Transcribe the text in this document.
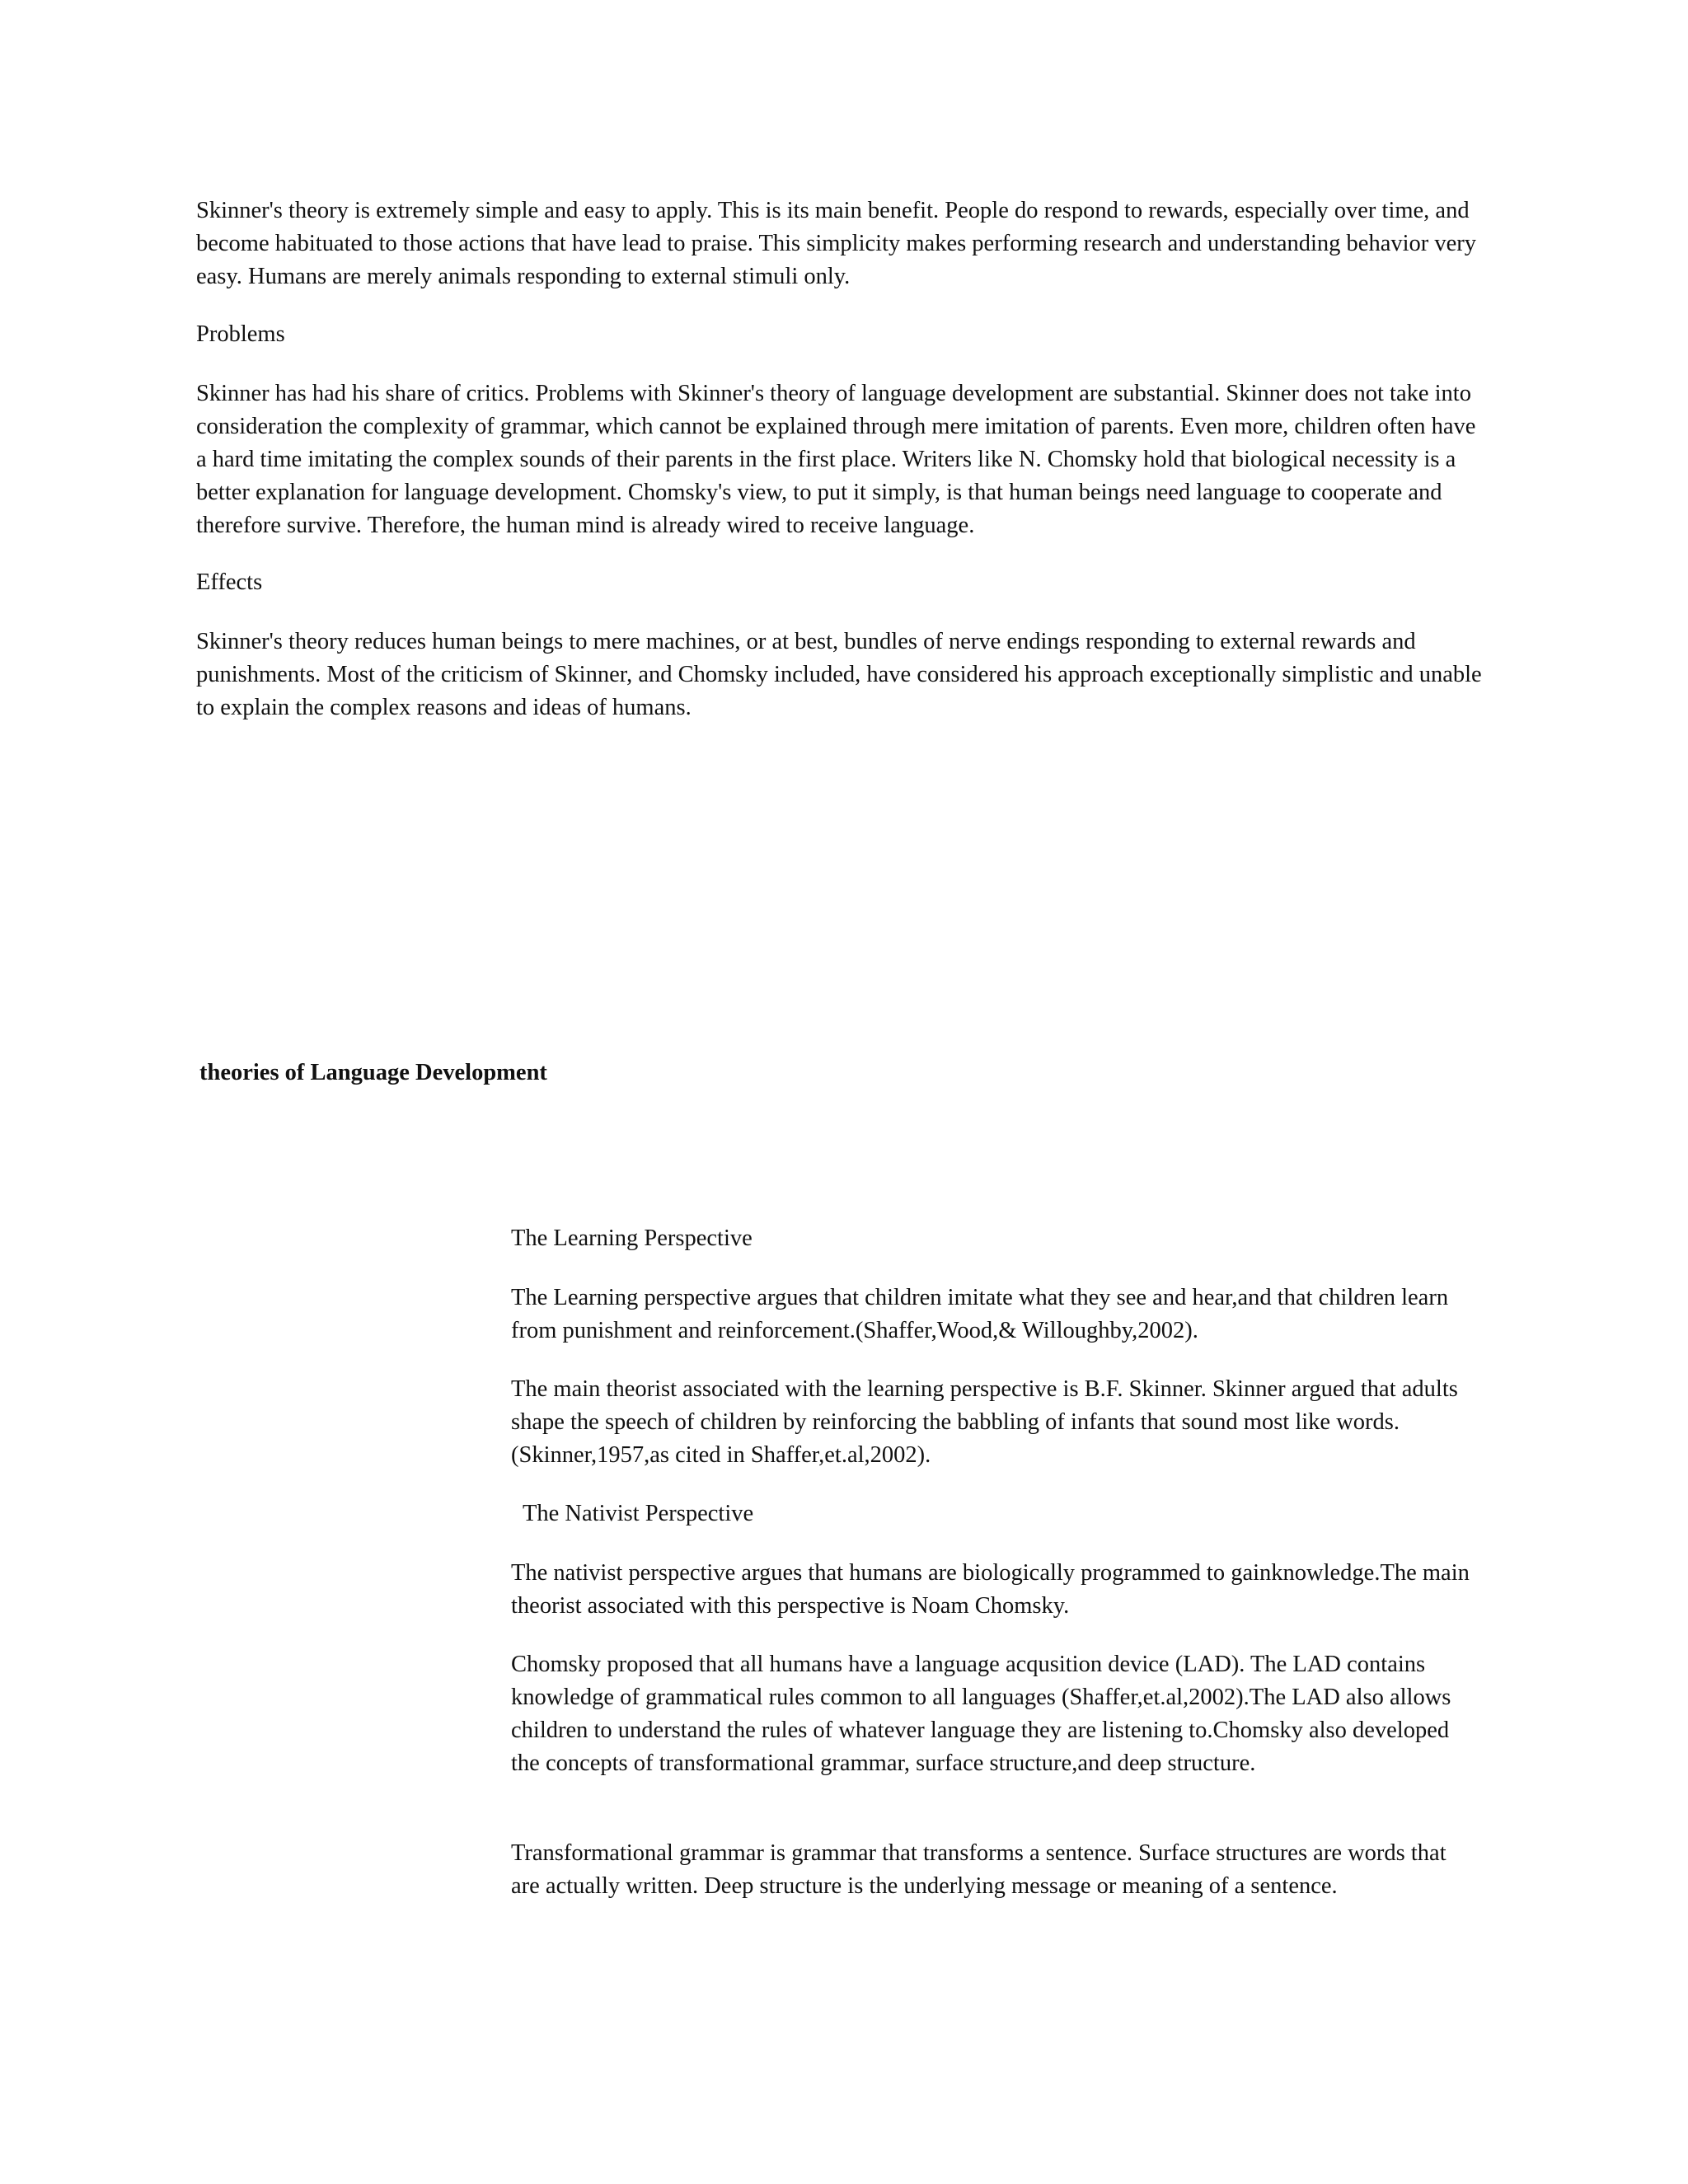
Skinner's theory is extremely simple and easy to apply. This is its main benefit. People do respond to rewards, especially over time, and become habituated to those actions that have lead to praise. This simplicity makes performing research and understanding behavior very easy. Humans are merely animals responding to external stimuli only.

Problems

Skinner has had his share of critics. Problems with Skinner's theory of language development are substantial. Skinner does not take into consideration the complexity of grammar, which cannot be explained through mere imitation of parents. Even more, children often have a hard time imitating the complex sounds of their parents in the first place. Writers like N. Chomsky hold that biological necessity is a better explanation for language development. Chomsky's view, to put it simply, is that human beings need language to cooperate and therefore survive. Therefore, the human mind is already wired to receive language.

Effects

Skinner's theory reduces human beings to mere machines, or at best, bundles of nerve endings responding to external rewards and punishments. Most of the criticism of Skinner, and Chomsky included, have considered his approach exceptionally simplistic and unable to explain the complex reasons and ideas of humans.

theories of Language Development

The Learning Perspective

The Learning perspective argues that children imitate what they see and hear,and that children learn from punishment and reinforcement.(Shaffer,Wood,& Willoughby,2002).

The main theorist associated with the learning perspective is B.F. Skinner. Skinner argued that adults shape the speech of children by reinforcing the babbling of infants that sound most like words. (Skinner,1957,as cited in Shaffer,et.al,2002).

The Nativist Perspective

The nativist perspective argues that humans are biologically programmed to gainknowledge.The main theorist associated with this perspective is Noam Chomsky.

Chomsky proposed that all humans have a language acqusition device (LAD). The LAD contains knowledge of grammatical rules common to all languages (Shaffer,et.al,2002).The LAD also allows children to understand the rules of whatever language they are listening to.Chomsky also developed the concepts of transformational grammar, surface structure,and deep structure.

Transformational grammar is grammar that transforms a sentence. Surface structures are words that are actually written. Deep structure is the underlying message or meaning of a sentence.
